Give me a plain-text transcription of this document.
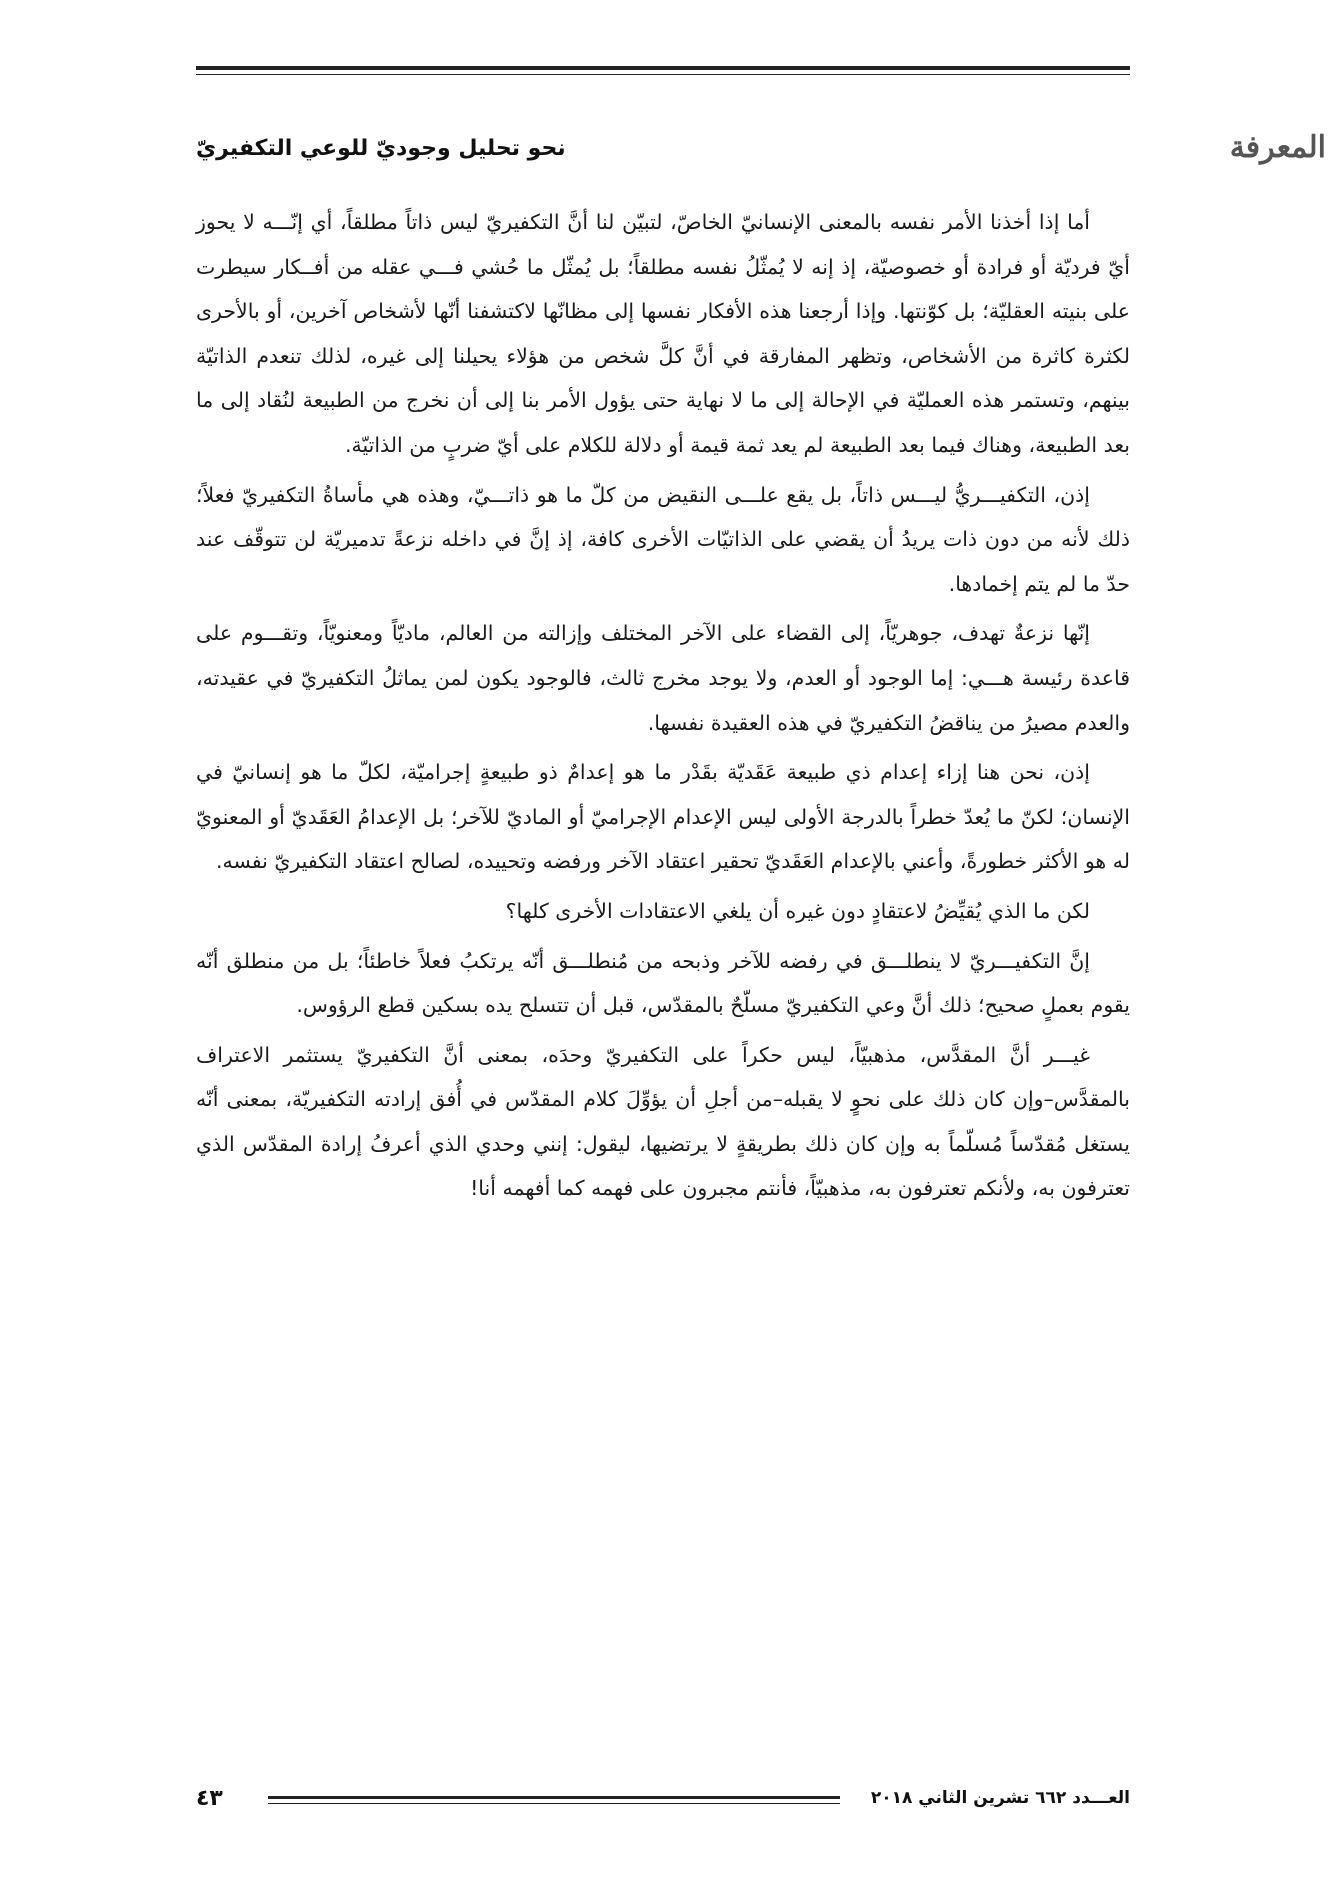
المعرفة
نحو تحليل وجوديّ للوعي التكفيريّ

أما إذا أخذنا الأمر نفسه بالمعنى الإنسانيّ الخاصّ، لتبيّن لنا أنَّ التكفيريّ ليس ذاتاً مطلقاً، أي إنّـــه لا يحوز أيّ فرديّة أو فرادة أو خصوصيّة، إذ إنه لا يُمثّلُ نفسه مطلقاً؛ بل يُمثّل ما حُشي فـــي عقله من أفــكار سيطرت على بنيته العقليّة؛ بل كوّنتها. وإذا أرجعنا هذه الأفكار نفسها إلى مظانّها لاكتشفنا أنّها لأشخاص آخرين، أو بالأحرى لكثرة كاثرة من الأشخاص، وتظهر المفارقة في أنَّ كلَّ شخص من هؤلاء يحيلنا إلى غيره، لذلك تنعدم الذاتيّة بينهم، وتستمر هذه العمليّة في الإحالة إلى ما لا نهاية حتى يؤول الأمر بنا إلى أن نخرج من الطبيعة لنُقاد إلى ما بعد الطبيعة، وهناك فيما بعد الطبيعة لم يعد ثمة قيمة أو دلالة للكلام على أيّ ضربٍ من الذاتيّة.

إذن، التكفيـــريُّ ليـــس ذاتاً، بل يقع علـــى النقيض من كلّ ما هو ذاتـــيّ، وهذه هي مأساةُ التكفيريّ فعلاً؛ ذلك لأنه من دون ذات يريدُ أن يقضي على الذاتيّات الأخرى كافة، إذ إنَّ في داخله نزعةً تدميريّة لن تتوقّف عند حدّ ما لم يتم إخمادها.

إنّها نزعةٌ تهدف، جوهريّاً، إلى القضاء على الآخر المختلف وإزالته من العالم، ماديّاً ومعنويّاً، وتقـــوم على قاعدة رئيسة هـــي: إما الوجود أو العدم، ولا يوجد مخرج ثالث، فالوجود يكون لمن يماثلُ التكفيريّ في عقيدته، والعدم مصيرُ من يناقضُ التكفيريّ في هذه العقيدة نفسها.

إذن، نحن هنا إزاء إعدام ذي طبيعة عَقَديّة بقَدْر ما هو إعدامٌ ذو طبيعةٍ إجراميّة، لكلّ ما هو إنسانيّ في الإنسان؛ لكنّ ما يُعدّ خطراً بالدرجة الأولى ليس الإعدام الإجراميّ أو الماديّ للآخر؛ بل الإعدامُ العَقَديّ أو المعنويّ له هو الأكثر خطورةً، وأعني بالإعدام العَقَديّ تحقير اعتقاد الآخر ورفضه وتحييده، لصالح اعتقاد التكفيريّ نفسه.

لكن ما الذي يُقيِّضُ لاعتقادٍ دون غيره أن يلغي الاعتقادات الأخرى كلها؟

إنَّ التكفيـــريّ لا ينطلـــق في رفضه للآخر وذبحه من مُنطلـــق أنّه يرتكبُ فعلاً خاطئاً؛ بل من منطلق أنّه يقوم بعملٍ صحيح؛ ذلك أنَّ وعي التكفيريّ مسلّحٌ بالمقدّس، قبل أن تتسلح يده بسكين قطع الرؤوس.

غيـــر أنَّ المقدَّس، مذهبيّاً، ليس حكراً على التكفيريّ وحدَه، بمعنى أنَّ التكفيريّ يستثمر الاعتراف بالمقدَّس–وإن كان ذلك على نحوٍ لا يقبله–من أجلِ أن يؤوِّلَ كلام المقدّس في أُفق إرادته التكفيريّة، بمعنى أنّه يستغل مُقدّساً مُسلّماً به وإن كان ذلك بطريقةٍ لا يرتضيها، ليقول: إنني وحدي الذي أعرفُ إرادة المقدّس الذي تعترفون به، ولأنكم تعترفون به، مذهبيّاً، فأنتم مجبرون على فهمه كما أفهمه أنا!

العـــدد ٦٦٢ تشرين الثاني ٢٠١٨
٤٣
